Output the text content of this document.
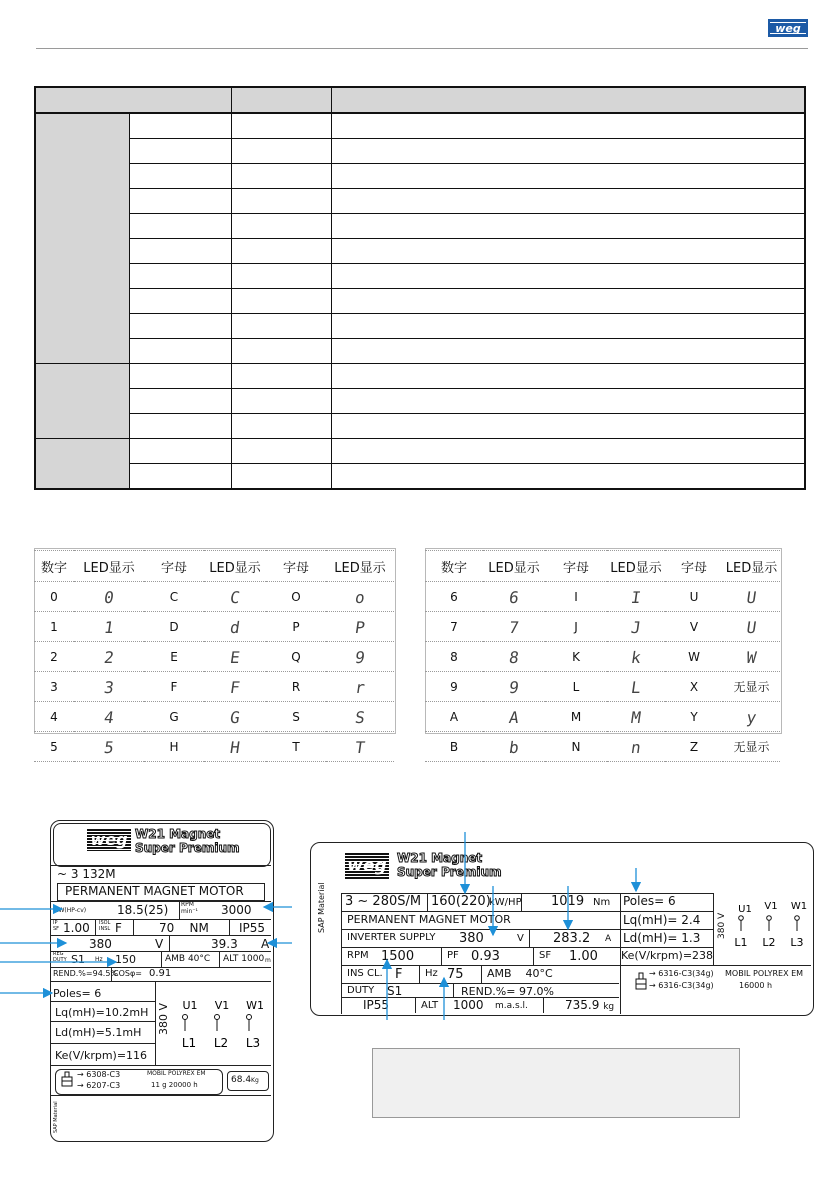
weg

数字	LED显示	字母	LED显示	字母	LED显示
0	0	C	C	O	o
1	1	D	d	P	P
2	2	E	E	Q	9
3	3	F	F	R	r
4	4	G	G	S	S
5	5	H	H	T	T
数字	LED显示	字母	LED显示	字母	LED显示
6	6	I	I	U	U
7	7	J	J	V	U
8	8	K	k	W	W
9	9	L	L	X	无显示
A	A	M	M	Y	y
B	b	N	n	Z	无显示
weg W21 Magnet
Super Premium
~ 3 132M
PERMANENT MAGNET MOTOR
kW(HP-cv)	18.5(25) RPM
min⁻¹ 3000
IP
SF 1.00 ISOL
INSL F	70    NM	IP55
380	V	39.3 A
REG
DUTY S1 Hz 150	AMB 40°C ALT 1000 m
REND.%=94.5%
COSφ= 0.91
Poles= 6
Lq(mH)=10.2mH
Ld(mH)=5.1mH
Ke(V/krpm)=116
380 V U1 V1 W1
L1 L2 L3
→ 6308-C3
→ 6207-C3
MOBIL POLYREX EM
11 g 20000 h	68.4Kg
SAP Material
SAP Material
weg W21 Magnet
Super Premium
3 ~ 280S/M 160(220)
kW/HP 1019 Nm
PERMANENT MAGNET MOTOR
INVERTER SUPPLY 380	V 283.2 A
RPM 1500	PF 0.93	SF 1.00
INS CL. F Hz 75 AMB    40°C
DUTY S1	REND.%= 97.0%
IP55	ALT 1000 m.a.s.l.	735.9 kg
Poles= 6
Lq(mH)= 2.4
Ld(mH)= 1.3
Ke(V/krpm)=238
380 V
U1 V1 W1
L1 L2 L3
→ 6316-C3(34g)
→ 6316-C3(34g)
MOBIL POLYREX EM
16000 h
